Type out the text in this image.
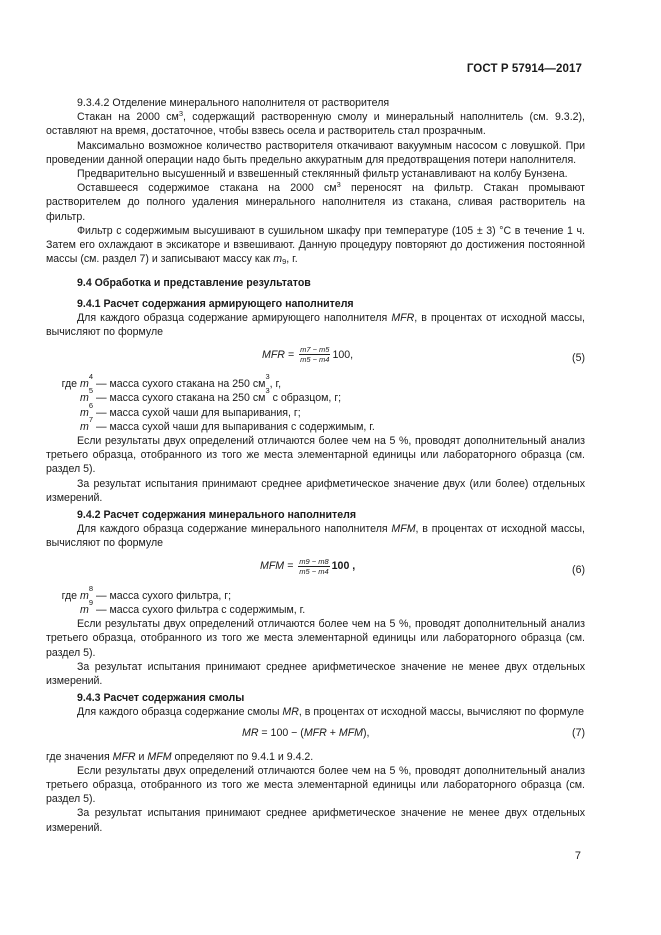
ГОСТ Р 57914—2017

9.3.4.2 Отделение минерального наполнителя от растворителя

Стакан на 2000 $см^3$, содержащий растворенную смолу и минеральный наполнитель (см. 9.3.2), оставляют на время, достаточное, чтобы взвесь осела и растворитель стал прозрачным.

Максимально возможное количество растворителя откачивают вакуумным насосом с ловушкой. При проведении данной операции надо быть предельно аккуратным для предотвращения потери наполнителя.

Предварительно высушенный и взвешенный стеклянный фильтр устанавливают на колбу Бунзена.

Оставшееся содержимое стакана на 2000 $см^3$ переносят на фильтр. Стакан промывают растворителем до полного удаления минерального наполнителя из стакана, сливая растворитель на фильтр.

Фильтр с содержимым высушивают в сушильном шкафу при температуре (105 ± 3) °С в течение 1 ч. Затем его охлаждают в эксикаторе и взвешивают. Данную процедуру повторяют до достижения постоянной массы (см. раздел 7) и записывают массу как $m_9$, г.

9.4 Обработка и представление результатов

9.4.1 Расчет содержания армирующего наполнителя

Для каждого образца содержание армирующего наполнителя MFR, в процентах от исходной массы, вычисляют по формуле

MFR = $\frac{m7 - m5}{m5 - m4} 100$,	(5)
где m
4
— масса сухого стакана на 250 см
3
, г,
m
5
— масса сухого стакана на 250 см
3
с образцом, г;
m
6
— масса сухой чаши для выпаривания, г;
m
7
— масса сухой чаши для выпаривания с содержимым, г.

Если результаты двух определений отличаются более чем на 5 %, проводят дополнительный анализ третьего образца, отобранного из того же места элементарной единицы или лабораторного образца (см. раздел 5).

За результат испытания принимают среднее арифметическое значение двух (или более) отдельных измерений.

9.4.2 Расчет содержания минерального наполнителя

Для каждого образца содержание минерального наполнителя MFM, в процентах от исходной массы, вычисляют по формуле

MFM = $\frac{m9 - m8}{m5 - m4} 100$ ,	(6)
где m
8
— масса сухого фильтра, г;
m
9
— масса сухого фильтра с содержимым, г.

Если результаты двух определений отличаются более чем на 5 %, проводят дополнительный анализ третьего образца, отобранного из того же места элементарной единицы или лабораторного образца (см. раздел 5).

За результат испытания принимают среднее арифметическое значение не менее двух отдельных измерений.

9.4.3 Расчет содержания смолы

Для каждого образца содержание смолы MR, в процентах от исходной массы, вычисляют по формуле

MR = 100 − ( MFR + MFM ),	(7)

где значения MFR и MFM определяют по 9.4.1 и 9.4.2.

Если результаты двух определений отличаются более чем на 5 %, проводят дополнительный анализ третьего образца, отобранного из того же места элементарной единицы или лабораторного образца (см. раздел 5).

За результат испытания принимают среднее арифметическое значение не менее двух отдельных измерений.

7
